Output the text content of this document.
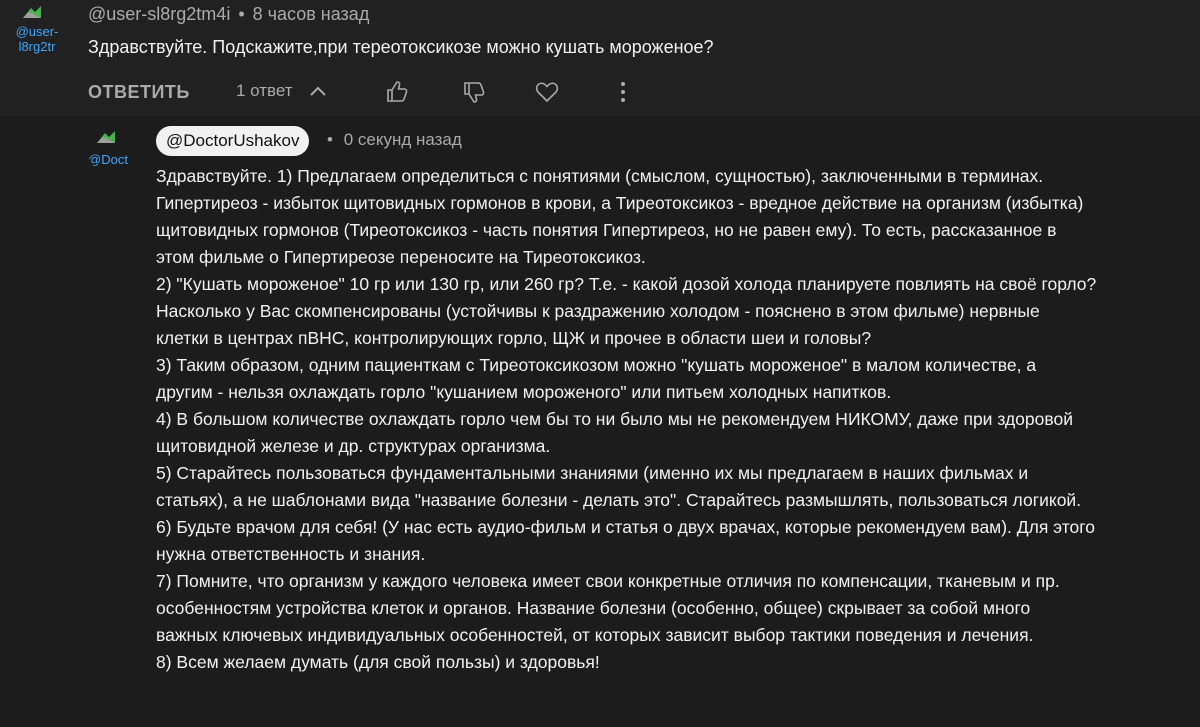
@user-
l8rg2tr
@user-sl8rg2tm4i • 8 часов назад
Здравствуйте. Подскажите,при тереотоксикозе можно кушать мороженое?
ОТВЕТИТЬ	1 ответ
@Doct
@DoctorUshakov	• 0 секунд назад
Здравствуйте. 1) Предлагаем определиться с понятиями (смыслом, сущностью), заключенными в терминах.
Гипертиреоз - избыток щитовидных гормонов в крови, а Тиреотоксикоз - вредное действие на организм (избытка)
щитовидных гормонов (Тиреотоксикоз - часть понятия Гипертиреоз, но не равен ему). То есть, рассказанное в
этом фильме о Гипертиреозе переносите на Тиреотоксикоз.
2) "Кушать мороженое" 10 гр или 130 гр, или 260 гр? Т.е. - какой дозой холода планируете повлиять на своё горло?
Насколько у Вас скомпенсированы (устойчивы к раздражению холодом - пояснено в этом фильме) нервные
клетки в центрах пВНС, контролирующих горло, ЩЖ и прочее в области шеи и головы?
3) Таким образом, одним пациенткам с Тиреотоксикозом можно "кушать мороженое" в малом количестве, а
другим - нельзя охлаждать горло "кушанием мороженого" или питьем холодных напитков.
4) В большом количестве охлаждать горло чем бы то ни было мы не рекомендуем НИКОМУ, даже при здоровой
щитовидной железе и др. структурах организма.
5) Старайтесь пользоваться фундаментальными знаниями (именно их мы предлагаем в наших фильмах и
статьях), а не шаблонами вида "название болезни - делать это". Старайтесь размышлять, пользоваться логикой.
6) Будьте врачом для себя! (У нас есть аудио-фильм и статья о двух врачах, которые рекомендуем вам). Для этого
нужна ответственность и знания.
7) Помните, что организм у каждого человека имеет свои конкретные отличия по компенсации, тканевым и пр.
особенностям устройства клеток и органов. Название болезни (особенно, общее) скрывает за собой много
важных ключевых индивидуальных особенностей, от которых зависит выбор тактики поведения и лечения.
8) Всем желаем думать (для свой пользы) и здоровья!
